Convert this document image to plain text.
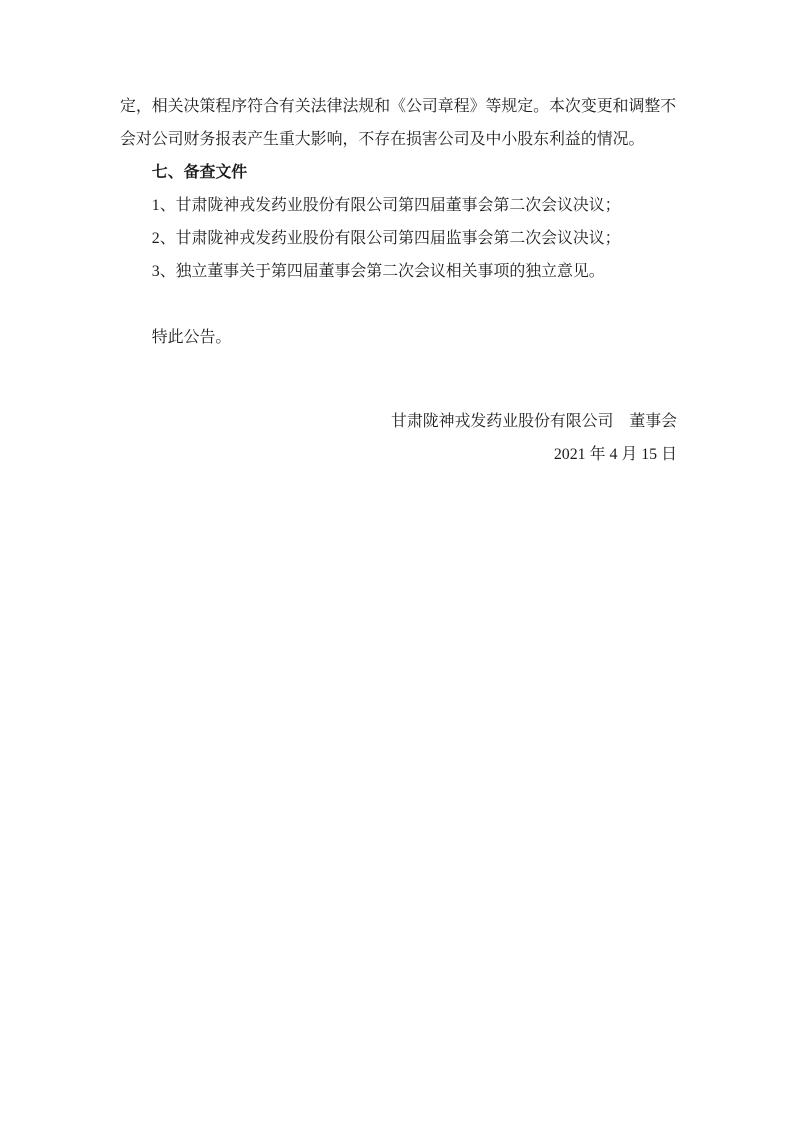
定，相关决策程序符合有关法律法规和《公司章程》等规定。本次变更和调整不
会对公司财务报表产生重大影响，不存在损害公司及中小股东利益的情况。
七、备查文件
1、甘肃陇神戎发药业股份有限公司第四届董事会第二次会议决议；
2、甘肃陇神戎发药业股份有限公司第四届监事会第二次会议决议；
3、独立董事关于第四届董事会第二次会议相关事项的独立意见。
特此公告。
甘肃陇神戎发药业股份有限公司　董事会
2021 年 4 月 15 日
